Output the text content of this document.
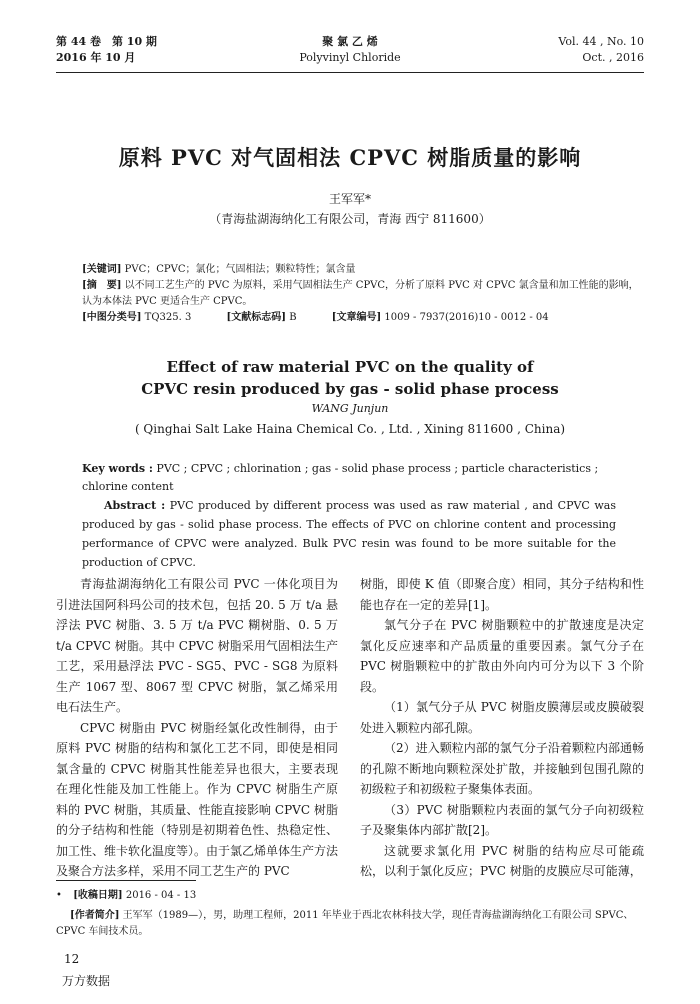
第 44 卷　第 10 期
2016 年 10 月
聚 氯 乙 烯
Polyvinyl Chloride
Vol. 44 , No. 10
Oct. , 2016
原料 PVC 对气固相法 CPVC 树脂质量的影响
王军军*
（青海盐湖海纳化工有限公司，青海 西宁 811600）
[关键词] PVC；CPVC；氯化；气固相法；颗粒特性；氯含量
[摘　要] 以不同工艺生产的 PVC 为原料，采用气固相法生产 CPVC，分析了原料 PVC 对 CPVC 氯含量和加工性能的影响，认为本体法 PVC 更适合生产 CPVC。
[中图分类号] TQ325. 3	[文献标志码] B	[文章编号] 1009 - 7937(2016)10 - 0012 - 04
Effect of raw material PVC on the quality of
CPVC resin produced by gas - solid phase process
WANG Junjun
( Qinghai Salt Lake Haina Chemical Co. , Ltd. , Xining 811600 , China)
Key words : PVC ; CPVC ; chlorination ; gas - solid phase process ; particle characteristics ; chlorine content
Abstract : PVC produced by different process was used as raw material , and CPVC was produced by gas - solid phase process. The effects of PVC on chlorine content and processing performance of CPVC were analyzed. Bulk PVC resin was found to be more suitable for the production of CPVC.

青海盐湖海纳化工有限公司 PVC 一体化项目为引进法国阿科玛公司的技术包，包括 20. 5 万 t/a 悬浮法 PVC 树脂、3. 5 万 t/a PVC 糊树脂、0. 5 万 t/a CPVC 树脂。其中 CPVC 树脂采用气固相法生产工艺，采用悬浮法 PVC - SG5、PVC - SG8 为原料生产 1067 型、8067 型 CPVC 树脂，氯乙烯采用电石法生产。

CPVC 树脂由 PVC 树脂经氯化改性制得，由于原料 PVC 树脂的结构和氯化工艺不同，即使是相同氯含量的 CPVC 树脂其性能差异也很大，主要表现在理化性能及加工性能上。作为 CPVC 树脂生产原料的 PVC 树脂，其质量、性能直接影响 CPVC 树脂的分子结构和性能（特别是初期着色性、热稳定性、加工性、维卡软化温度等）。由于氯乙烯单体生产方法及聚合方法多样，采用不同工艺生产的 PVC

树脂，即使 K 值（即聚合度）相同，其分子结构和性能也存在一定的差异[1]。

氯气分子在 PVC 树脂颗粒中的扩散速度是决定氯化反应速率和产品质量的重要因素。氯气分子在 PVC 树脂颗粒中的扩散由外向内可分为以下 3 个阶段。

（1）氯气分子从 PVC 树脂皮膜薄层或皮膜破裂处进入颗粒内部孔隙。

（2）进入颗粒内部的氯气分子沿着颗粒内部通畅的孔隙不断地向颗粒深处扩散，并接触到包围孔隙的初级粒子和初级粒子聚集体表面。

（3）PVC 树脂颗粒内表面的氯气分子向初级粒子及聚集体内部扩散[2]。

这就要求氯化用 PVC 树脂的结构应尽可能疏松，以利于氯化反应；PVC 树脂的皮膜应尽可能薄，

• [收稿日期] 2016 - 04 - 13
[作者简介] 王军军（1989—），男，助理工程师，2011 年毕业于西北农林科技大学，现任青海盐湖海纳化工有限公司 SPVC、CPVC 车间技术员。
12
万方数据
